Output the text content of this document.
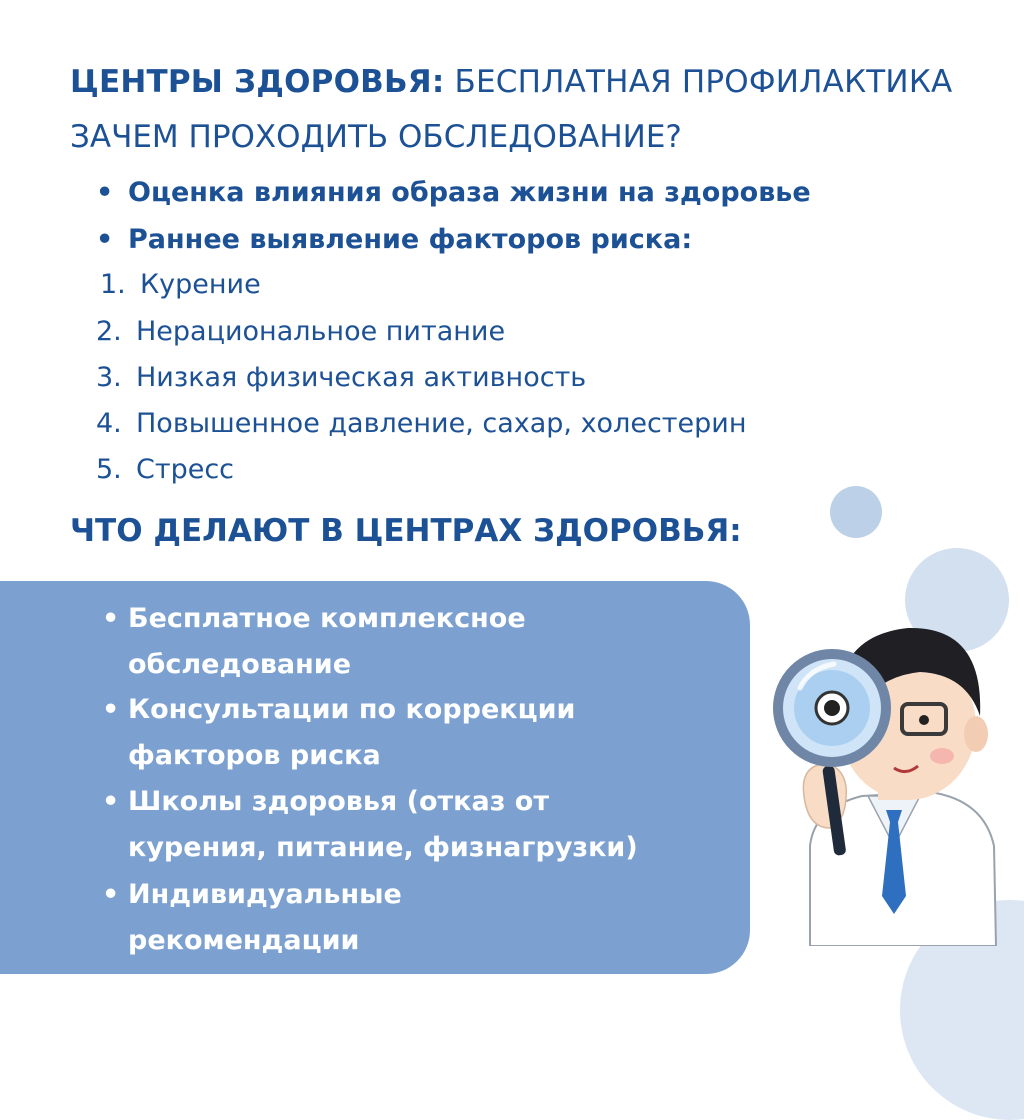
ЦЕНТРЫ ЗДОРОВЬЯ: БЕСПЛАТНАЯ ПРОФИЛАКТИКА
ЗАЧЕМ ПРОХОДИТЬ ОБСЛЕДОВАНИЕ?
• Оценка влияния образа жизни на здоровье
• Раннее выявление факторов риска:
1. Курение
2. Нерациональное питание
3. Низкая физическая активность
4. Повышенное давление, сахар, холестерин
5. Стресс
ЧТО ДЕЛАЮТ В ЦЕНТРАХ ЗДОРОВЬЯ:
• Бесплатное комплексное
обследование
• Консультации по коррекции
факторов риска
• Школы здоровья (отказ от
курения, питание, физнагрузки)
• Индивидуальные
рекомендации
